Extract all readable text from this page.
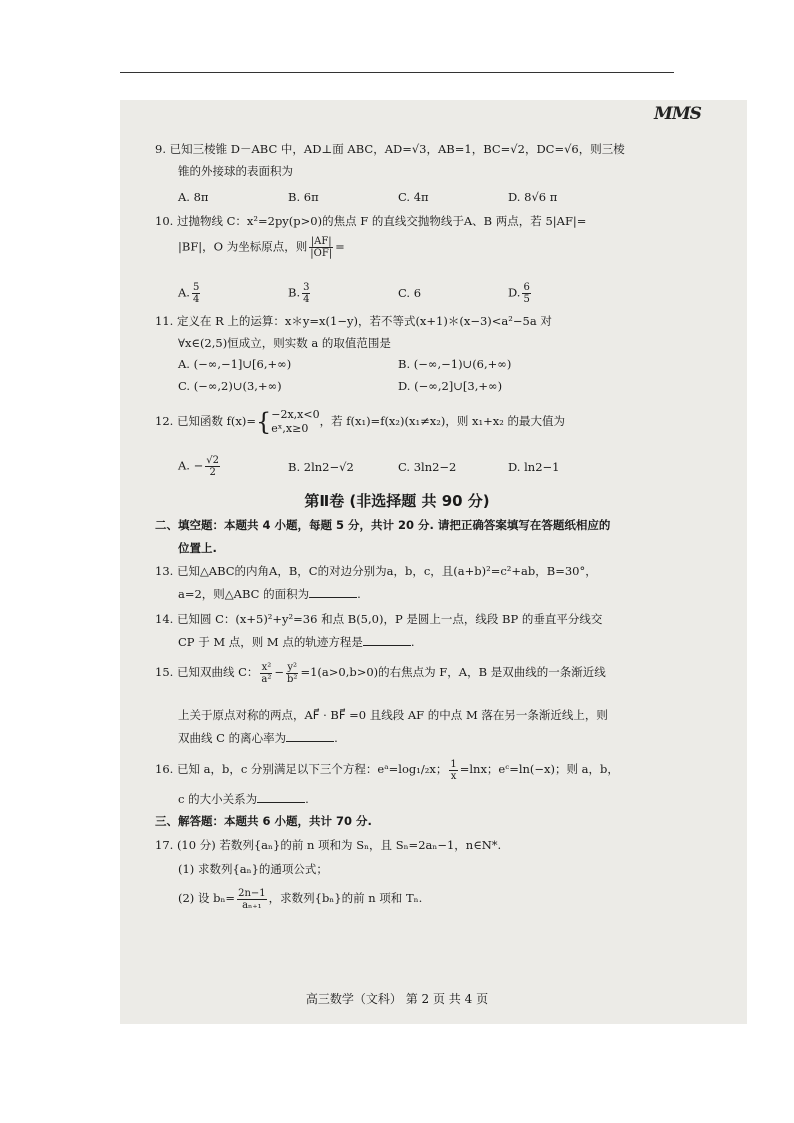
MMS
9. 已知三棱锥 D－ABC 中，AD⊥面 ABC，AD=√3，AB=1，BC=√2，DC=√6，则三棱
锥的外接球的表面积为
A. 8π	B. 6π	C. 4π	D. 8√6 π
10. 过抛物线 C：x²=2py(p>0)的焦点 F 的直线交抛物线于A、B 两点，若 5|AF|=
|BF|，O 为坐标原点，则 $\frac{|AF|}{|OF|}$ =
A. $\frac{5}{4}$	B. $\frac{3}{4}$	C. 6	D. $\frac{6}{5}$
11. 定义在 R 上的运算：x＊y=x(1−y)，若不等式(x+1)＊(x−3)<a²−5a 对
∀x∈(2,5)恒成立，则实数 a 的取值范围是
A. (−∞,−1]∪[6,+∞)	B. (−∞,−1)∪(6,+∞)
C. (−∞,2)∪(3,+∞)	D. (−∞,2]∪[3,+∞)
12. 已知函数 f(x)={ −2x,x<0
eˣ,x≥0
，若 f(x₁)=f(x₂)(x₁≠x₂)，则 x₁+x₂ 的最大值为
A. − $\frac{√2}{2}$	B. 2ln2−√2	C. 3ln2−2	D. ln2−1
第Ⅱ卷 (非选择题 共 90 分)
二、填空题：本题共 4 小题，每题 5 分，共计 20 分. 请把正确答案填写在答题纸相应的
位置上.
13. 已知△ABC的内角A，B，C的对边分别为a，b，c，且(a+b)²=c²+ab，B=30°，
a=2，则△ABC 的面积为	.
14. 已知圆 C：(x+5)²+y²=36 和点 B(5,0)，P 是圆上一点，线段 BP 的垂直平分线交
CP 于 M 点，则 M 点的轨迹方程是	.
15. 已知双曲线 C： $\frac{\text{x²}}{\text{a²}} - \frac{\text{y²}}{\text{b²}} =1(a>0,b>0)$的右焦点为 F，A，B 是双曲线的一条渐近线
上关于原点对称的两点，AF⃗ · BF⃗ =0 且线段 AF 的中点 M 落在另一条渐近线上，则
双曲线 C 的离心率为	.
16. 已知 a，b，c 分别满足以下三个方程：eᵃ=log₁/₂x； $\frac{1}{x} =\ln x$；eᶜ=ln(−x)；则 a，b，
c 的大小关系为	.
三、解答题：本题共 6 小题，共计 70 分.
17. (10 分) 若数列{aₙ}的前 n 项和为 Sₙ，且 Sₙ=2aₙ−1，n∈N*.
(1) 求数列{aₙ}的通项公式；
(2) 设 $b_n= \frac{2n-1}{\text{aₙ₊₁}}$ ，求数列{bₙ}的前 n 项和 Tₙ.
高三数学（文科） 第 2 页 共 4 页
